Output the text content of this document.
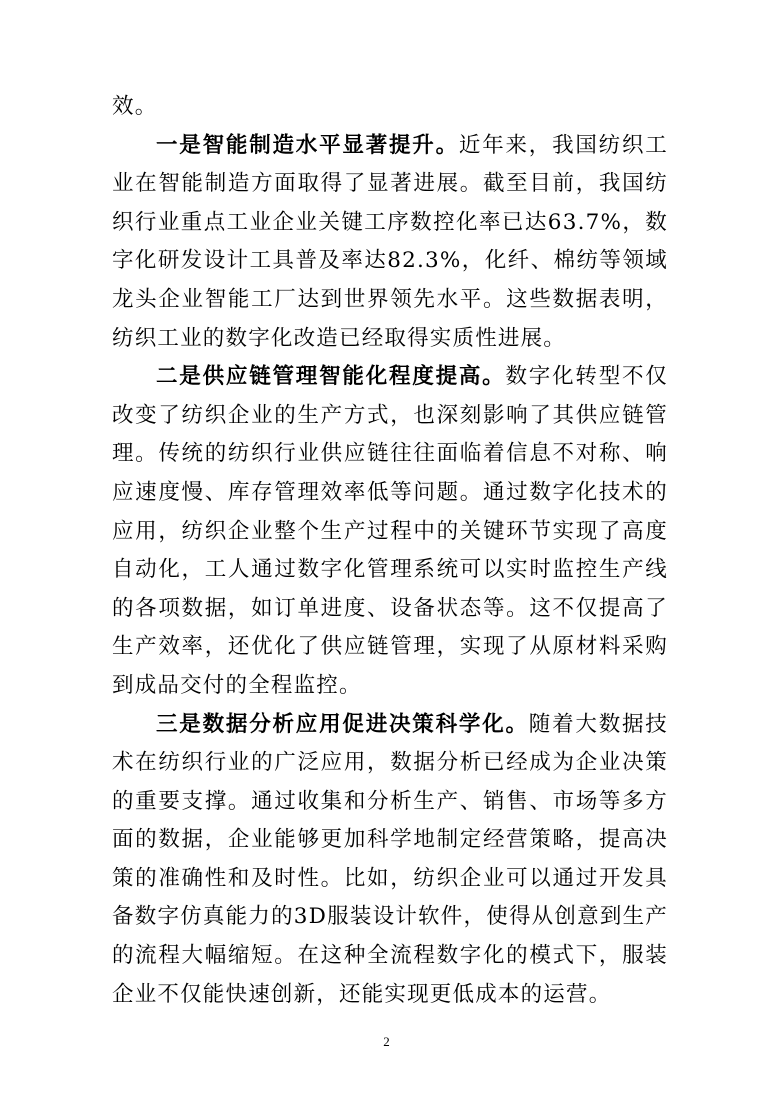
效。

一是智能制造水平显著提升。近年来，我国纺织工业在智能制造方面取得了显著进展。截至目前，我国纺织行业重点工业企业关键工序数控化率已达63.7%，数字化研发设计工具普及率达82.3%，化纤、棉纺等领域龙头企业智能工厂达到世界领先水平。这些数据表明，纺织工业的数字化改造已经取得实质性进展。

二是供应链管理智能化程度提高。数字化转型不仅改变了纺织企业的生产方式，也深刻影响了其供应链管理。传统的纺织行业供应链往往面临着信息不对称、响应速度慢、库存管理效率低等问题。通过数字化技术的应用，纺织企业整个生产过程中的关键环节实现了高度自动化，工人通过数字化管理系统可以实时监控生产线的各项数据，如订单进度、设备状态等。这不仅提高了生产效率，还优化了供应链管理，实现了从原材料采购到成品交付的全程监控。

三是数据分析应用促进决策科学化。随着大数据技术在纺织行业的广泛应用，数据分析已经成为企业决策的重要支撑。通过收集和分析生产、销售、市场等多方面的数据，企业能够更加科学地制定经营策略，提高决策的准确性和及时性。比如，纺织企业可以通过开发具备数字仿真能力的3D服装设计软件，使得从创意到生产的流程大幅缩短。在这种全流程数字化的模式下，服装企业不仅能快速创新，还能实现更低成本的运营。

2
